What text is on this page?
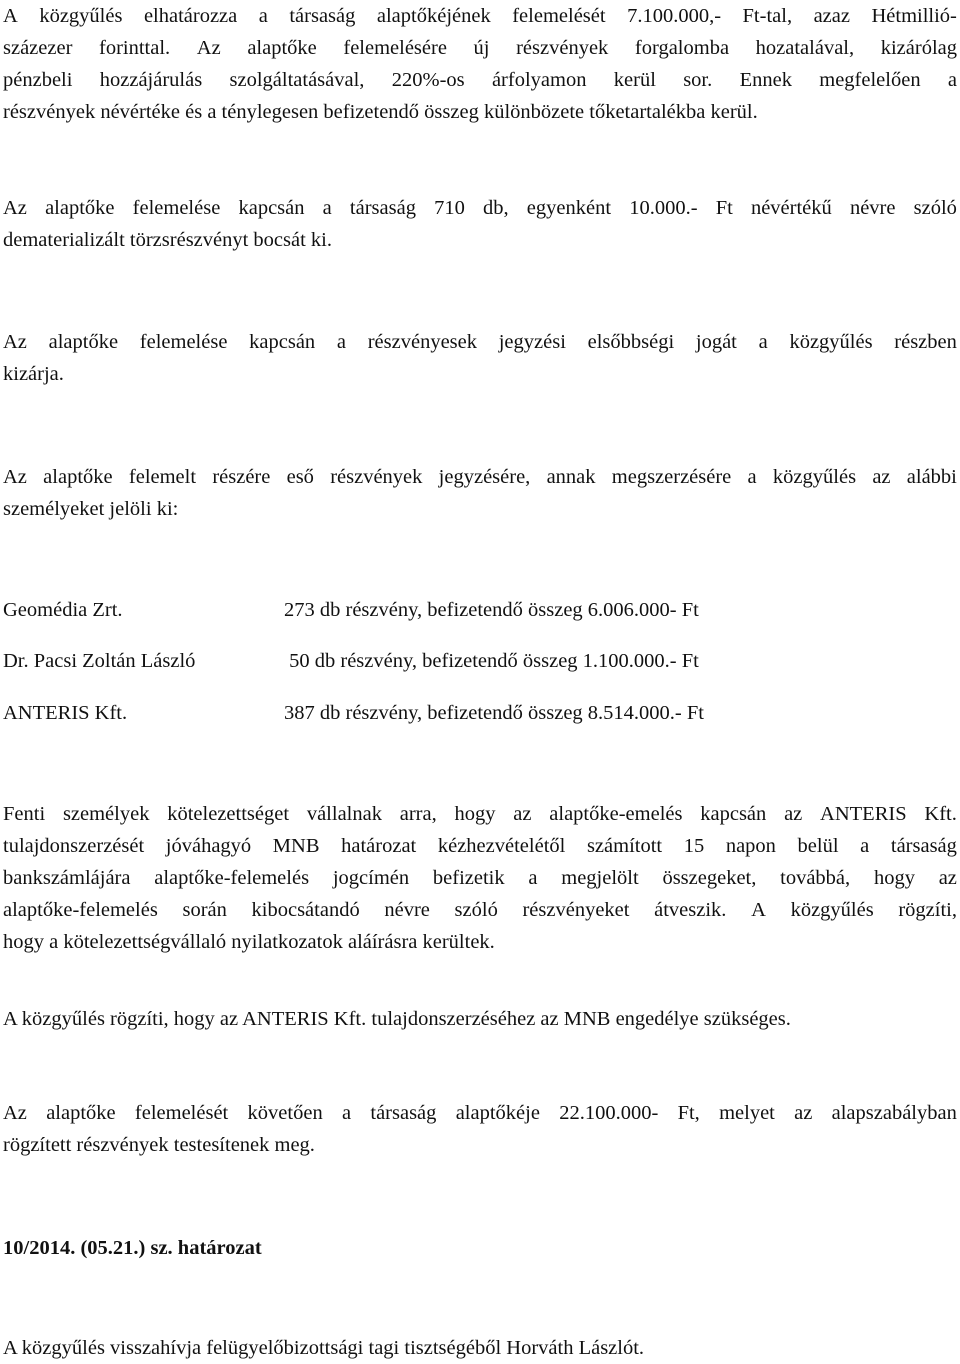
A közgyűlés elhatározza a társaság alaptőkéjének felemelését 7.100.000,- Ft-tal, azaz Hétmillió-
százezer forinttal. Az alaptőke felemelésére új részvények forgalomba hozatalával, kizárólag
pénzbeli hozzájárulás szolgáltatásával, 220%-os árfolyamon kerül sor. Ennek megfelelően a
részvények névértéke és a ténylegesen befizetendő összeg különbözete tőketartalékba kerül.
Az alaptőke felemelése kapcsán a társaság 710 db, egyenként 10.000.- Ft névértékű névre szóló
dematerializált törzsrészvényt bocsát ki.
Az alaptőke felemelése kapcsán a részvényesek jegyzési elsőbbségi jogát a közgyűlés részben
kizárja.
Az alaptőke felemelt részére eső részvények jegyzésére, annak megszerzésére a közgyűlés az alábbi
személyeket jelöli ki:
Geomédia Zrt.	273 db részvény, befizetendő összeg 6.006.000- Ft
Dr. Pacsi Zoltán László	50 db részvény, befizetendő összeg 1.100.000.- Ft
ANTERIS Kft.	387 db részvény, befizetendő összeg 8.514.000.- Ft
Fenti személyek kötelezettséget vállalnak arra, hogy az alaptőke-emelés kapcsán az ANTERIS Kft.
tulajdonszerzését jóváhagyó MNB határozat kézhezvételétől számított 15 napon belül a társaság
bankszámlájára alaptőke-felemelés jogcímén befizetik a megjelölt összegeket, továbbá, hogy az
alaptőke-felemelés során kibocsátandó névre szóló részvényeket átveszik. A közgyűlés rögzíti,
hogy a kötelezettségvállaló nyilatkozatok aláírásra kerültek.
A közgyűlés rögzíti, hogy az ANTERIS Kft. tulajdonszerzéséhez az MNB engedélye szükséges.
Az alaptőke felemelését követően a társaság alaptőkéje 22.100.000- Ft, melyet az alapszabályban
rögzített részvények testesítenek meg.
10/2014. (05.21.) sz. határozat
A közgyűlés visszahívja felügyelőbizottsági tagi tisztségéből Horváth Lászlót.
